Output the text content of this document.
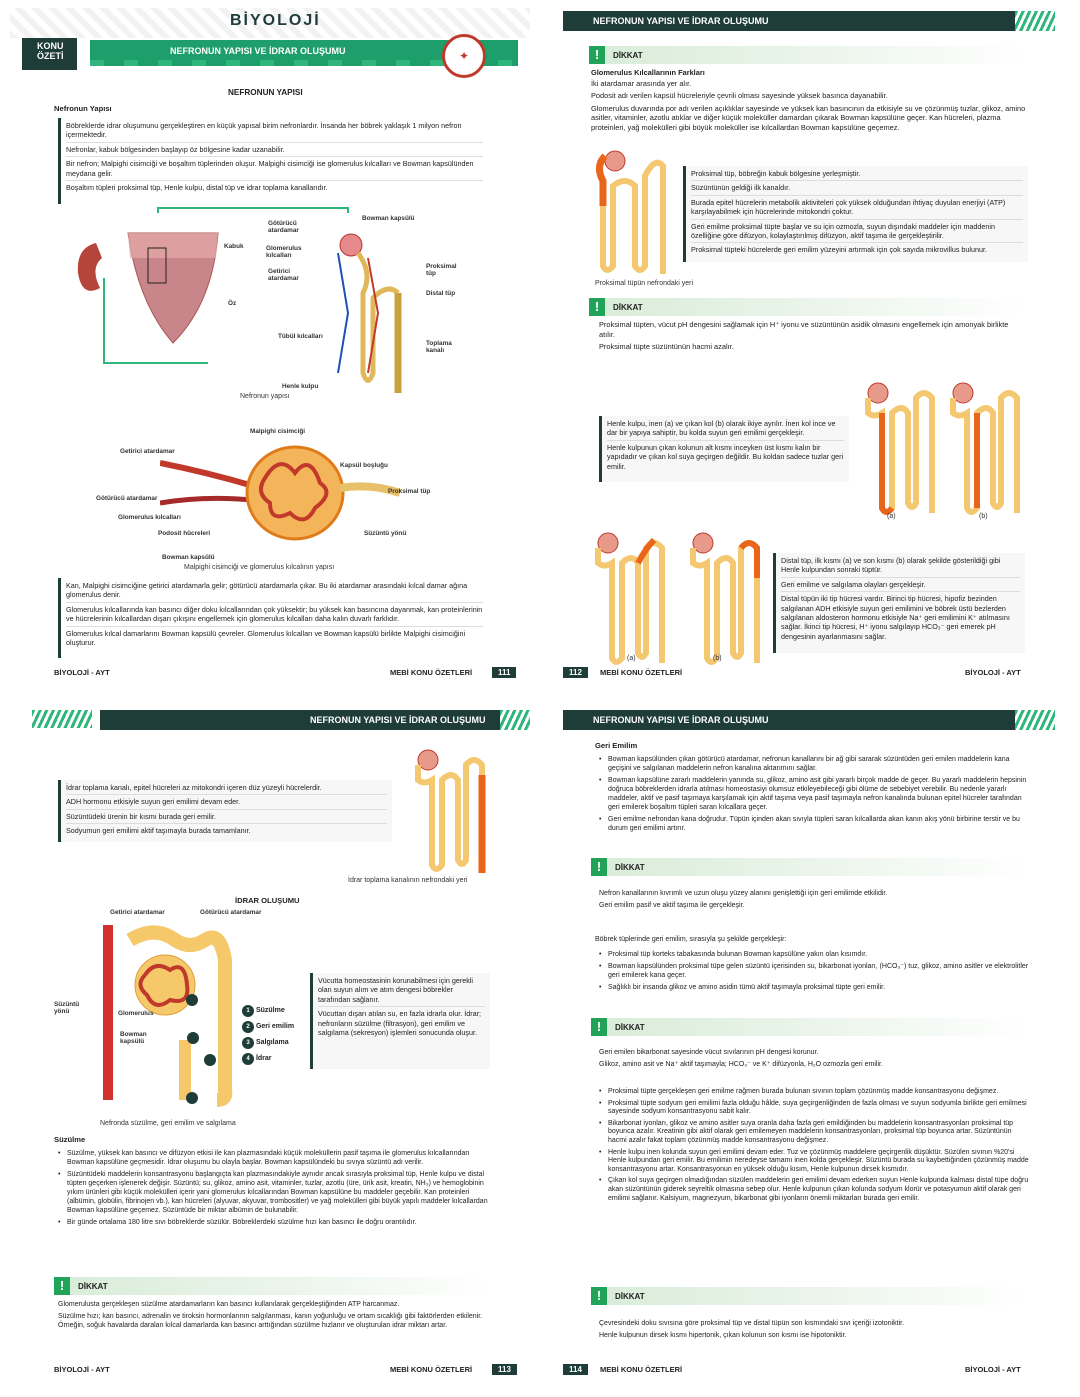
BİYOLOJİ
KONU
ÖZETİ	NEFRONUN YAPISI VE İDRAR OLUŞUMU	✦
NEFRONUN YAPISI
Nefronun Yapısı

Böbreklerde idrar oluşumunu gerçekleştiren en küçük yapısal birim nefronlardır. İnsanda her böbrek yaklaşık 1 milyon nefron içermektedir.

Nefronlar, kabuk bölgesinden başlayıp öz bölgesine kadar uzanabilir.

Bir nefron; Malpighi cisimciği ve boşaltım tüplerinden oluşur. Malpighi cisimciği ise glomerulus kılcalları ve Bowman kapsülünden meydana gelir.

Boşaltım tüpleri proksimal tüp, Henle kulpu, distal tüp ve idrar toplama kanallarıdır.

Kabuk
Öz
Götürücü atardamar
Bowman kapsülü
Glomerulus kılcalları
Getirici atardamar
Proksimal tüp
Distal tüp
Tübül kılcalları
Toplama kanalı
Henle kulpu
Nefronun yapısı
Malpighi cisimciği
Getirici atardamar
Kapsül boşluğu
Götürücü atardamar
Proksimal tüp
Glomerulus kılcalları
Podosit hücreleri	Süzüntü yönü
Bowman kapsülü
Malpighi cisimciği ve glomerulus kılcalının yapısı

Kan, Malpighi cisimciğine getirici atardamarla gelir; götürücü atardamarla çıkar. Bu iki atardamar arasındaki kılcal damar ağına glomerulus denir.

Glomerulus kılcallarında kan basıncı diğer doku kılcallarından çok yüksektir; bu yüksek kan basıncına dayanmak, kan proteinlerinin ve hücrelerinin kılcallardan dışarı çıkışını engellemek için glomerulus kılcalları daha kalın duvarlı farklıdır.

Glomerulus kılcal damarlarını Bowman kapsülü çevreler. Glomerulus kılcalları ve Bowman kapsülü birlikte Malpighi cisimciğini oluşturur.

BİYOLOJİ - AYT	MEBİ KONU ÖZETLERİ	111
NEFRONUN YAPISI VE İDRAR OLUŞUMU
!	DİKKAT

Glomerulus Kılcallarının Farkları

İki atardamar arasında yer alır.

Podosit adı verilen kapsül hücreleriyle çevrili olması sayesinde yüksek basınca dayanabilir.

Glomerulus duvarında por adı verilen açıklıklar sayesinde ve yüksek kan basıncının da etkisiyle su ve çözünmüş tuzlar, glikoz, amino asitler, vitaminler, azotlu atıklar ve diğer küçük moleküller damardan çıkarak Bowman kapsülüne geçer. Kan hücreleri, plazma proteinleri, yağ molekülleri gibi büyük moleküller ise kılcallardan Bowman kapsülüne geçemez.

Proksimal tüp, böbreğin kabuk bölgesine yerleşmiştir.

Süzüntünün geldiği ilk kanaldır.

Burada epitel hücrelerin metabolik aktiviteleri çok yüksek olduğundan ihtiyaç duyulan enerjiyi (ATP) karşılayabilmek için hücrelerinde mitokondri çoktur.

Geri emilme proksimal tüpte başlar ve su için ozmozla, suyun dışındaki maddeler için maddenin özelliğine göre difüzyon, kolaylaştırılmış difüzyon, aktif taşıma ile gerçekleştirilir.

Proksimal tüpteki hücrelerde geri emilim yüzeyini artırmak için çok sayıda mikrovillus bulunur.

Proksimal tüpün nefrondaki yeri
!	DİKKAT

Proksimal tüpten, vücut pH dengesini sağlamak için H⁺ iyonu ve süzüntünün asidik olmasını engellemek için amonyak birlikte atılır.

Proksimal tüpte süzüntünün hacmi azalır.

Henle kulpu, inen (a) ve çıkan kol (b) olarak ikiye ayrılır. İnen kol ince ve dar bir yapıya sahiptir, bu kolda suyun geri emilimi gerçekleşir.

Henle kulpunun çıkan kolunun alt kısmı inceyken üst kısmı kalın bir yapıdadır ve çıkan kol suya geçirgen değildir. Bu koldan sadece tuzlar geri emilir.

(a)	(b)
(a)	(b)

Distal tüp, ilk kısmı (a) ve son kısmı (b) olarak şekilde gösterildiği gibi Henle kulpundan sonraki tüptür.

Geri emilme ve salgılama olayları gerçekleşir.

Distal tüpün iki tip hücresi vardır. Birinci tip hücresi, hipofiz bezinden salgılanan ADH etkisiyle suyun geri emilimini ve böbrek üstü bezlerden salgılanan aldosteron hormonu etkisiyle Na⁺ geri emilimini K⁺ atılmasını sağlar. İkinci tip hücresi, H⁺ iyonu salgılayıp HCO₃⁻ geri emerek pH dengesinin ayarlanmasını sağlar.

112	MEBİ KONU ÖZETLERİ	BİYOLOJİ - AYT
NEFRONUN YAPISI VE İDRAR OLUŞUMU

İdrar toplama kanalı, epitel hücreleri az mitokondri içeren düz yüzeyli hücrelerdir.

ADH hormonu etkisiyle suyun geri emilimi devam eder.

Süzüntüdeki ürenin bir kısmı burada geri emilir.

Sodyumun geri emilimi aktif taşımayla burada tamamlanır.

İdrar toplama kanalının nefrondaki yeri
İDRAR OLUŞUMU
Getirici atardamar	Götürücü atardamar
Süzüntü yönü	Glomerulus
Bowman kapsülü
1 Süzülme
2 Geri emilim
3 Salgılama
4 İdrar

Vücutta homeostasinin korunabilmesi için gerekli olan suyun alım ve atım dengesi böbrekler tarafından sağlanır.

Vücuttan dışarı atılan su, en fazla idrarla olur. İdrar; nefronların süzülme (filtrasyon), geri emilim ve salgılama (sekresyon) işlemleri sonucunda oluşur.

Nefronda süzülme, geri emilim ve salgılama
Süzülme
• Süzülme, yüksek kan basıncı ve difüzyon etkisi ile kan plazmasındaki küçük moleküllerin pasif taşıma ile glomerulus kılcallarından Bowman kapsülüne geçmesidir. İdrar oluşumu bu olayla başlar. Bowman kapsülündeki bu sıvıya süzüntü adı verilir.
• Süzüntüdeki maddelerin konsantrasyonu başlangıçta kan plazmasındakiyle aynıdır ancak sırasıyla proksimal tüp, Henle kulpu ve distal tüpten geçerken işlenerek değişir. Süzüntü; su, glikoz, amino asit, vitaminler, tuzlar, azotlu (üre, ürik asit, kreatin, NH₃) ve hemoglobinin yıkım ürünleri gibi küçük molekülleri içerir yani glomerulus kılcallarından Bowman kapsülüne bu maddeler geçebilir. Kan proteinleri (albümin, globülin, fibrinojen vb.), kan hücreleri (alyuvar, akyuvar, trombositler) ve yağ molekülleri gibi büyük yapılı maddeler kılcallardan Bowman kapsülüne geçemez. Süzüntüde bir miktar albümin de bulunabilir.
• Bir günde ortalama 180 litre sıvı böbreklerde süzülür. Böbreklerdeki süzülme hızı kan basıncı ile doğru orantılıdır.
!	DİKKAT

Glomerulusta gerçekleşen süzülme atardamarların kan basıncı kullanılarak gerçekleştiğinden ATP harcanmaz.

Süzülme hızı; kan basıncı, adrenalin ve tiroksin hormonlarının salgılanması, kanın yoğunluğu ve ortam sıcaklığı gibi faktörlerden etkilenir. Örneğin, soğuk havalarda daralan kılcal damarlarda kan basıncı arttığından süzülme hızlanır ve oluşturulan idrar miktarı artar.

BİYOLOJİ - AYT	MEBİ KONU ÖZETLERİ	113
NEFRONUN YAPISI VE İDRAR OLUŞUMU
Geri Emilim
• Bowman kapsülünden çıkan götürücü atardamar, nefronun kanallarını bir ağ gibi sararak süzüntüden geri emilen maddelerin kana geçişini ve salgılanan maddelerin nefron kanalına aktarımını sağlar.
• Bowman kapsülüne zararlı maddelerin yanında su, glikoz, amino asit gibi yararlı birçok madde de geçer. Bu yararlı maddelerin hepsinin doğruca böbreklerden idrarla atılması homeostasiyi olumsuz etkileyebileceği gibi ölüme de sebebiyet verebilir. Bu nedenle yararlı maddeler, aktif ve pasif taşımaya karşılamak için aktif taşıma veya pasif taşımayla nefron kanalında bulunan epitel hücreler tarafından geri emilerek boşaltım tüpleri saran kılcallara geçer.
• Geri emilme nefrondan kana doğrudur. Tüpün içinden akan sıvıyla tüpleri saran kılcallarda akan kanın akış yönü birbirine terstir ve bu durum geri emilimi artırır.
!	DİKKAT

Nefron kanallarının kıvrımlı ve uzun oluşu yüzey alanını genişlettiği için geri emilimde etkilidir.

Geri emilim pasif ve aktif taşıma ile gerçekleşir.

Böbrek tüplerinde geri emilim, sırasıyla şu şekilde gerçekleşir:
• Proksimal tüp korteks tabakasında bulunan Bowman kapsülüne yakın olan kısımdır.
• Bowman kapsülünden proksimal tüpe gelen süzüntü içerisinden su, bikarbonat iyonları, (HCO₃⁻) tuz, glikoz, amino asitler ve elektrolitler geri emilerek kana geçer.
• Sağlıklı bir insanda glikoz ve amino asidin tümü aktif taşımayla proksimal tüpte geri emilir.
!	DİKKAT

Geri emilen bikarbonat sayesinde vücut sıvılarının pH dengesi korunur.

Glikoz, amino asit ve Na⁺ aktif taşımayla; HCO₃⁻ ve K⁺ difüzyonla, H₂O ozmozla geri emilir.

• Proksimal tüpte gerçekleşen geri emilme rağmen burada bulunan sıvının toplam çözünmüş madde konsantrasyonu değişmez.
• Proksimal tüpte sodyum geri emilimi fazla olduğu hâlde, suya geçirgenliğinden de fazla olması ve suyun sodyumla birlikte geri emilmesi sayesinde sodyum konsantrasyonu sabit kalır.
• Bikarbonat iyonları, glikoz ve amino asitler suya oranla daha fazla geri emildiğinden bu maddelerin konsantrasyonları proksimal tüp boyunca azalır. Kreatinin gibi aktif olarak geri emilemeyen maddelerin konsantrasyonları, proksimal tüp boyunca artar. Süzüntünün hacmi azalır fakat toplam çözünmüş madde konsantrasyonu değişmez.
• Henle kulpu inen kolunda suyun geri emilimi devam eder. Tuz ve çözünmüş maddelere geçirgenlik düşüktür. Süzülen sıvının %20'si Henle kulpundan geri emilir. Bu emilimin neredeyse tamamı inen kolda gerçekleşir. Süzüntü burada su kaybettiğinden çözünmüş madde konsantrasyonu artar. Konsantrasyonun en yüksek olduğu kısım, Henle kulpunun dirsek kısmıdır.
• Çıkan kol suya geçirgen olmadığından süzülen maddelerin geri emilimi devam ederken suyun Henle kulpunda kalması distal tüpe doğru akan süzüntünün giderek seyreltik olmasına sebep olur. Henle kulpunun çıkan kolunda sodyum klorür ve potasyumun aktif olarak geri emilimi sağlanır. Kalsiyum, magnezyum, bikarbonat gibi iyonların önemli miktarları burada geri emilir.
!	DİKKAT

Çevresindeki doku sıvısına göre proksimal tüp ve distal tüpün son kısmındaki sıvı içeriği izotoniktir.

Henle kulpunun dirsek kısmı hipertonik, çıkan kolunun son kısmı ise hipotoniktir.

114	MEBİ KONU ÖZETLERİ	BİYOLOJİ - AYT
